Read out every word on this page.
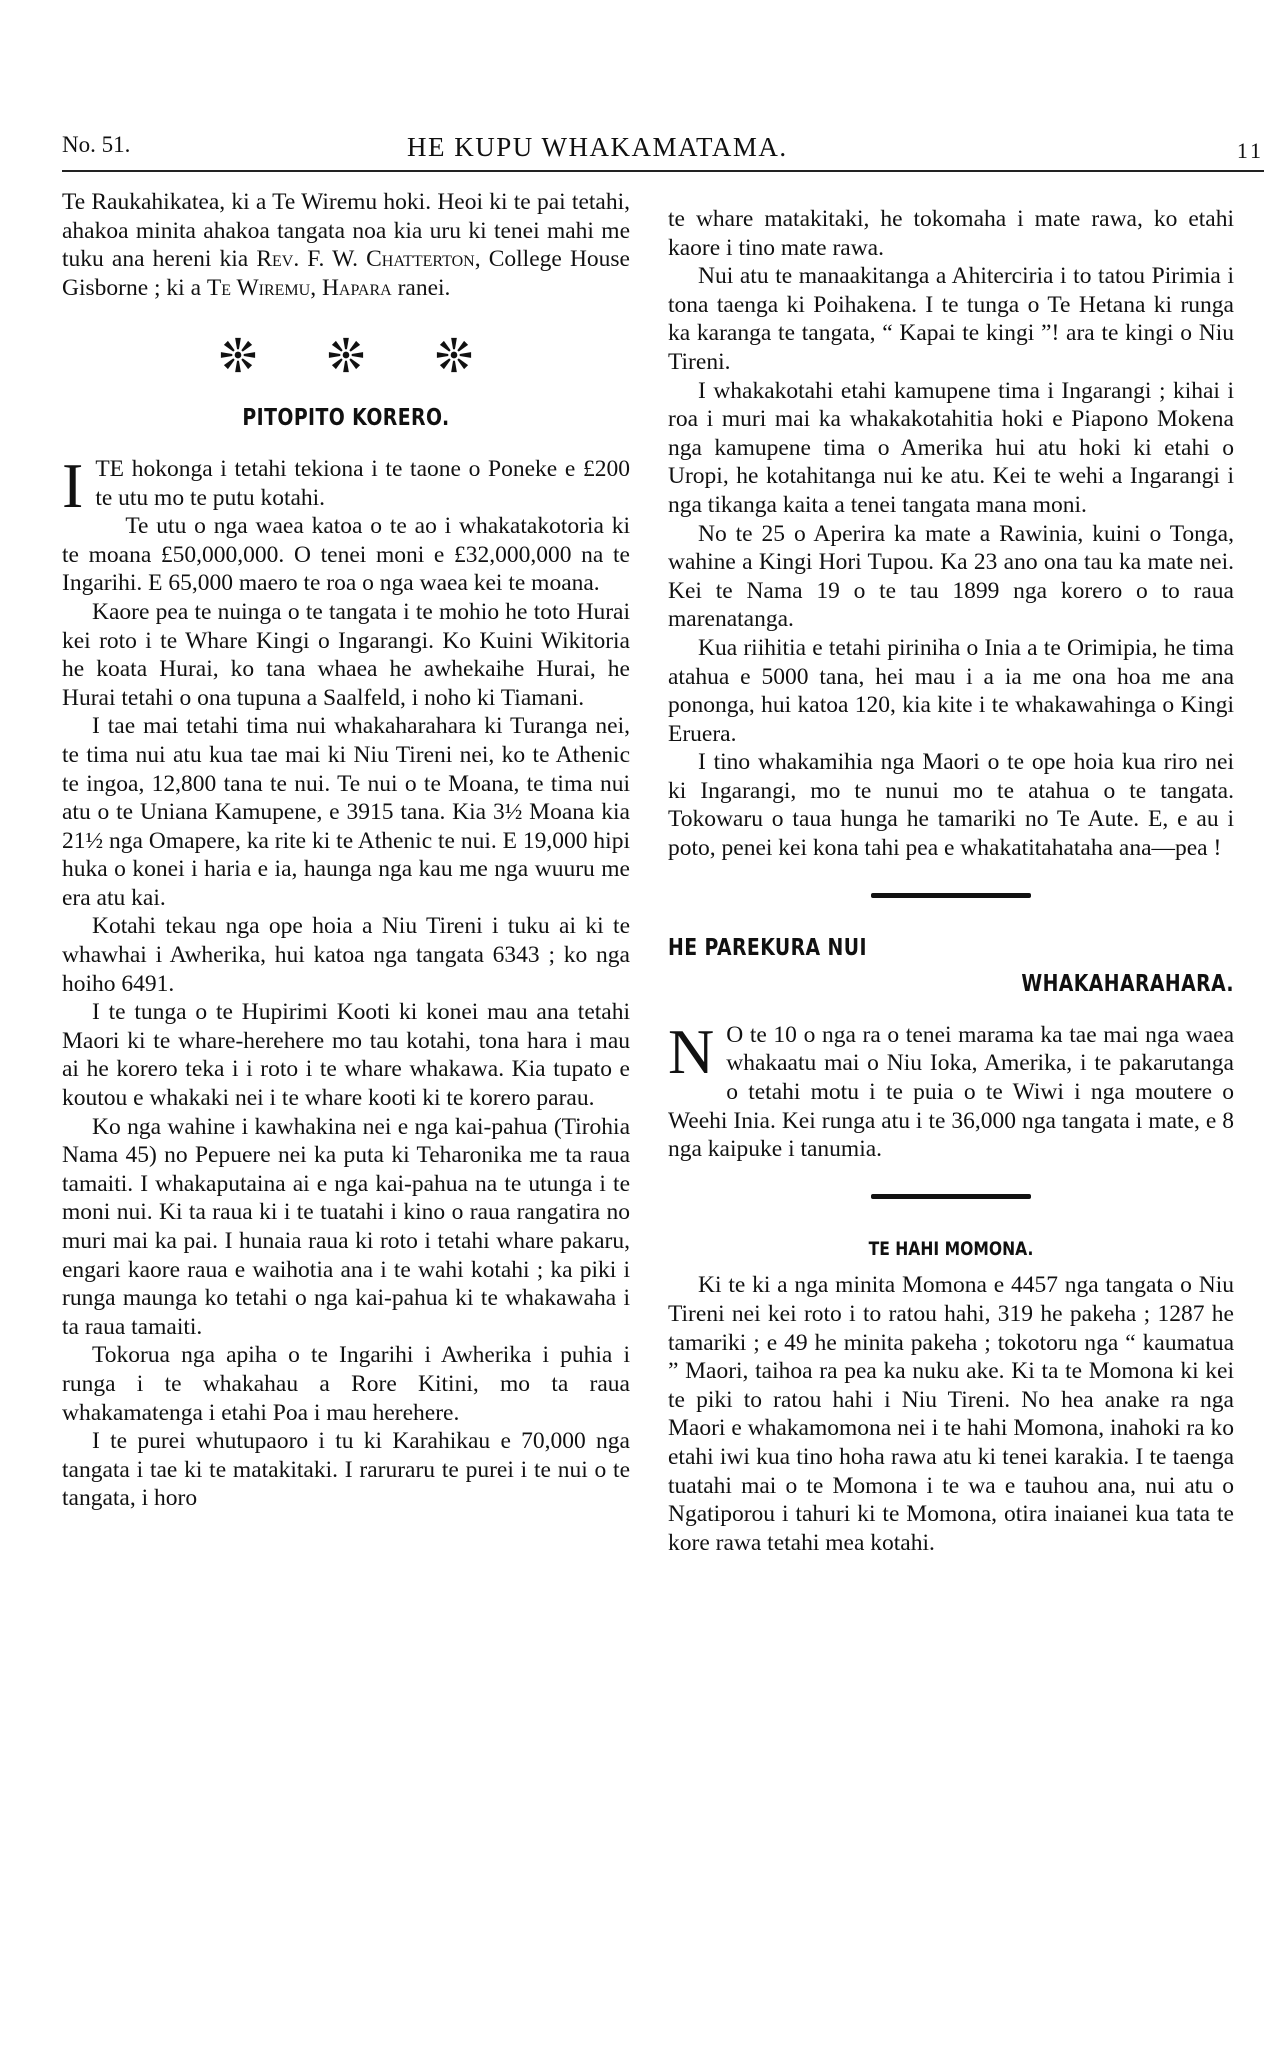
No. 51.	HE KUPU WHAKAMATAMA.	11

Te Raukahikatea, ki a Te Wiremu hoki. Heoi ki te pai tetahi, ahakoa minita ahakoa tangata noa kia uru ki tenei mahi me tuku ana hereni kia Rev. F. W. Chatterton, College House Gisborne ; ki a Te Wiremu, Hapara ranei.

PITOPITO KORERO.

ITE hokonga i tetahi tekiona i te taone o Poneke e £200 te utu mo te putu kotahi.

Te utu o nga waea katoa o te ao i whakatakotoria ki te moana £50,000,000. O tenei moni e £32,000,000 na te Ingarihi. E 65,000 maero te roa o nga waea kei te moana.

Kaore pea te nuinga o te tangata i te mohio he toto Hurai kei roto i te Whare Kingi o Ingarangi. Ko Kuini Wikitoria he koata Hurai, ko tana whaea he awhekaihe Hurai, he Hurai tetahi o ona tupuna a Saalfeld, i noho ki Tiamani.

I tae mai tetahi tima nui whakaharahara ki Turanga nei, te tima nui atu kua tae mai ki Niu Tireni nei, ko te Athenic te ingoa, 12,800 tana te nui. Te nui o te Moana, te tima nui atu o te Uniana Kamupene, e 3915 tana. Kia 3½ Moana kia 21½ nga Omapere, ka rite ki te Athenic te nui. E 19,000 hipi huka o konei i haria e ia, haunga nga kau me nga wuuru me era atu kai.

Kotahi tekau nga ope hoia a Niu Tireni i tuku ai ki te whawhai i Awherika, hui katoa nga tangata 6343 ; ko nga hoiho 6491.

I te tunga o te Hupirimi Kooti ki konei mau ana tetahi Maori ki te whare-herehere mo tau kotahi, tona hara i mau ai he korero teka i i roto i te whare whakawa. Kia tupato e koutou e whakaki nei i te whare kooti ki te korero parau.

Ko nga wahine i kawhakina nei e nga kai-pahua (Tirohia Nama 45) no Pepuere nei ka puta ki Teharonika me ta raua tamaiti. I whakaputaina ai e nga kai-pahua na te utunga i te moni nui. Ki ta raua ki i te tuatahi i kino o raua rangatira no muri mai ka pai. I hunaia raua ki roto i tetahi whare pakaru, engari kaore raua e waihotia ana i te wahi kotahi ; ka piki i runga maunga ko tetahi o nga kai-pahua ki te whakawaha i ta raua tamaiti.

Tokorua nga apiha o te Ingarihi i Awherika i puhia i runga i te whakahau a Rore Kitini, mo ta raua whakamatenga i etahi Poa i mau herehere.

I te purei whutupaoro i tu ki Karahikau e 70,000 nga tangata i tae ki te matakitaki. I raruraru te purei i te nui o te tangata, i horo

te whare matakitaki, he tokomaha i mate rawa, ko etahi kaore i tino mate rawa.

Nui atu te manaakitanga a Ahiterciria i to tatou Pirimia i tona taenga ki Poihakena. I te tunga o Te Hetana ki runga ka karanga te tangata, “ Kapai te kingi ”! ara te kingi o Niu Tireni.

I whakakotahi etahi kamupene tima i Ingarangi ; kihai i roa i muri mai ka whakakotahitia hoki e Piapono Mokena nga kamupene tima o Amerika hui atu hoki ki etahi o Uropi, he kotahitanga nui ke atu. Kei te wehi a Ingarangi i nga tikanga kaita a tenei tangata mana moni.

No te 25 o Aperira ka mate a Rawinia, kuini o Tonga, wahine a Kingi Hori Tupou. Ka 23 ano ona tau ka mate nei. Kei te Nama 19 o te tau 1899 nga korero o to raua marenatanga.

Kua riihitia e tetahi piriniha o Inia a te Orimipia, he tima atahua e 5000 tana, hei mau i a ia me ona hoa me ana pononga, hui katoa 120, kia kite i te whakawahinga o Kingi Eruera.

I tino whakamihia nga Maori o te ope hoia kua riro nei ki Ingarangi, mo te nunui mo te atahua o te tangata. Tokowaru o taua hunga he tamariki no Te Aute. E, e au i poto, penei kei kona tahi pea e whakatitahataha ana—pea !

HE PAREKURA NUI
WHAKAHARAHARA.

N O te 10 o nga ra o tenei marama ka tae mai nga waea whakaatu mai o Niu Ioka, Amerika, i te pakarutanga o tetahi motu i te puia o te Wiwi i nga moutere o Weehi Inia. Kei runga atu i te 36,000 nga tangata i mate, e 8 nga kaipuke i tanumia.

TE HAHI MOMONA.

Ki te ki a nga minita Momona e 4457 nga tangata o Niu Tireni nei kei roto i to ratou hahi, 319 he pakeha ; 1287 he tamariki ; e 49 he minita pakeha ; tokotoru nga “ kaumatua ” Maori, taihoa ra pea ka nuku ake. Ki ta te Momona ki kei te piki to ratou hahi i Niu Tireni. No hea anake ra nga Maori e whakamomona nei i te hahi Momona, inahoki ra ko etahi iwi kua tino hoha rawa atu ki tenei karakia. I te taenga tuatahi mai o te Momona i te wa e tauhou ana, nui atu o Ngatiporou i tahuri ki te Momona, otira inaianei kua tata te kore rawa tetahi mea kotahi.
